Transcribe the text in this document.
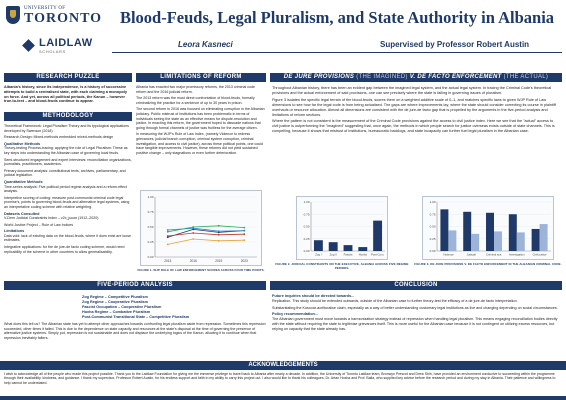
UNIVERSITY OF
TORONTO
LAIDLAW
SCHOLARS
Blood-Feuds, Legal Pluralism, and State Authority in Albania
Leora Kasneci	Supervised by Professor Robert Austin
RESEARCH PUZZLE
Albania's history, since its independence, is a history of successive attempts to build a centralised state, with each claiming a monopoly on force. And yet, across all political periods, the Kanun – however true-to-text – and blood-feuds continue to appear.
METHODOLOGY

Theoretical Framework: Legal Pluralism Theory and its typological applications developed by Swenson (2018)

Research Design: Mixed-methods embedded mixed-methods design

Qualitative Methods

Theory-testing Process-tracing: applying the role of Legal Pluralism: These as key steps into understanding the Albanian case of governing local feuds.

Semi-structured engagement and expert interviews: reconciliation organizations, journalists, practitioners, academics.

Primary document analysis: constitutional texts, archives, parliamentary, and judicial legislation.

Quantitative Methods

Time-series analysis: Five-political period regime analysis and a reform-effect analysis.

Interpretive scoring of coding: measure post-communist criminal code legal promise's, points to governing blood-feuds and alternative legal systems, using an interpretative coding scheme with relative weighting.

Datasets Consulted

V-Dem Judicial Constraints Index – v2x_jucon (1912–2020)

World Justice Project – Rule of Law Indices

Limitations

Data void: lack of existing data on the blood-feuds, where it does exist are loose estimates.

Integrative applications: for the de jure-de facto coding scheme, would need replicability of the scheme in other countries to allow generalisability.

LIMITATIONS OF REFORM

Albania has enacted two major promissory reforms, the 2013 criminal code reform and the 2016 judicial reform.

The 2013 reform was the most direct confrontation of blood-feuds, formally criminalizing the practice for a sentence of up to 30 years in prison.

The second reform in 2016 was focused on eliminating corruption in the Albanian judiciary. Public mistrust of institutions has been problematic in terms of individuals seeing the state as an effective means for dispute-resolution and justice. In enacting this reform, the government hoped to dissuade nations that going through formal channels of justice was fruitless for the average citizen.

In measuring the WJP's Rule of Law Index, (namely Violence to redress grievances, judicial branch corruption, criminal system corruption, criminal investigation, and access to civil justice), across these political points, one could trace tangible improvements. However, these reforms did not yield sustained positive change – only stagnations or even further deterioration.

0.00
0.25
0.50
0.75
1.00
2013	2016	2019	2023
FIGURE 1. WJP RULE OF LAW ENFORCEMENT SCORES ACROSS FOUR TIME POINTS.
DE JURE PROVISIONS (THE IMAGINED) V. DE FACTO ENFORCEMENT (THE ACTUAL)

Throughout Albanian history, there has been an evident gap between the imagined legal system, and the actual legal system. In tracing the Criminal Code's theoretical provisions and the actual enforcement of said provisions, one can see precisely where the state is failing in governing issues of pluralism.

Figure 3 isolates the specific legal terrain of the blood-feuds, scores them on a weighted additive scale of 0–1, and matches specific laws to given WJP Rule of Law dimensions to see how far the legal code is from being actualised. The gaps are where improvements lay, where the state should consider correcting its course in plaintiff overhauls or resource allocation. Almost all dimensions are consistent with the de jure-de facto gap that is propelled by the arguments in the five-period analysis and limitations of reform sections.

Where the pattern is not consistent is the measurement of the Criminal Code provisions against the access to civil justice index. Here we see that the "actual" access to civil justice is outperforming the "imagined" suggesting that, once again, the methods in which people search for justice overseas exists outside of state channels. This is compelling, because it shows that mistrust of institutions, bureaucratic backlogs, and state incapacity can further fuel legal pluralism in the Albanian case.

0.00
0.25
0.50
0.75
1.00
Zog I	Zog II Fascist Hoxha Post-Com.
FIGURE 2. JUDICIAL CONSTRAINTS ON THE EXECUTIVE, ALBANIA ACROSS FIVE REGIME PERIODS.
0.00
0.25
0.50
0.75
1.00
Violence	Judicial	Criminal sys. Investigation	Civil justice
FIGURE 3. DE JURE PROVISIONS V. DE FACTO ENFORCEMENT IN THE ALBANIAN CRIMINAL CODE.
FIVE-PERIOD ANALYSIS
Zog Regime – Competitive Pluralism
Zog Regime – Cooperative Pluralism
Fascist Occupation – Cooperative Pluralism
Hoxha Regime – Combative Pluralism
Post-Communist Transitional State – Competitive Pluralism
What does this tell us? The Albanian state has yet to attempt other approaches towards confronting legal pluralism aside from repression. Sometimes this repression succeeded, other times it failed. This is due to the dependence on state capacity and resources at the state's disposal at the time of governing the presence of alternative justice systems. Simply put, repression is not sustainable and does not displace the underlying logics of the Kanun, allowing it to continue when that repression inevitably falters.
CONCLUSION
Future inquiries should be directed towards...

Replication. This study should be extended outwards, outside of the Albanian case to further theory-test the efficacy of a de jure-de facto interpretation.

Substantiating the Kosovar-acrilturalise claim, especially as a way of better understanding customary legal institutions as live and changing depending on social circumstances.

Policy recommendation...

The Albanian government must move towards a harmonization strategy instead of repression when handling legal pluralism. This means engaging reconciliation bodies directly with the state without requiring the state to legitimise grievances itself. This is more useful for the Albanian case because it is not contingent on utilizing excess resources, but relying on capacity that the state already has.

ACKNOWLEDGEMENTS
I wish to acknowledge all of the people who made this project possible. Thank you to the Laidlaw Foundation for giving me the immense privilege to travel back to Albania after nearly a decade. In addition, the University of Toronto Laidlaw team, Bronwyn Prescot and Drew Shih, have provided an environment conducive to succeeding within the programme through their availability, kindness, and guidance. I thank my supervisor, Professor Robert Austin, for his endless support and faith in my ability to carry this project out. I also would like to thank his colleagues, Dr. Artan Hoxha and Prof. Balla, who supplied key advice before the research period and during my stay in Albania. Their patience and willingness to help cannot be understated.
